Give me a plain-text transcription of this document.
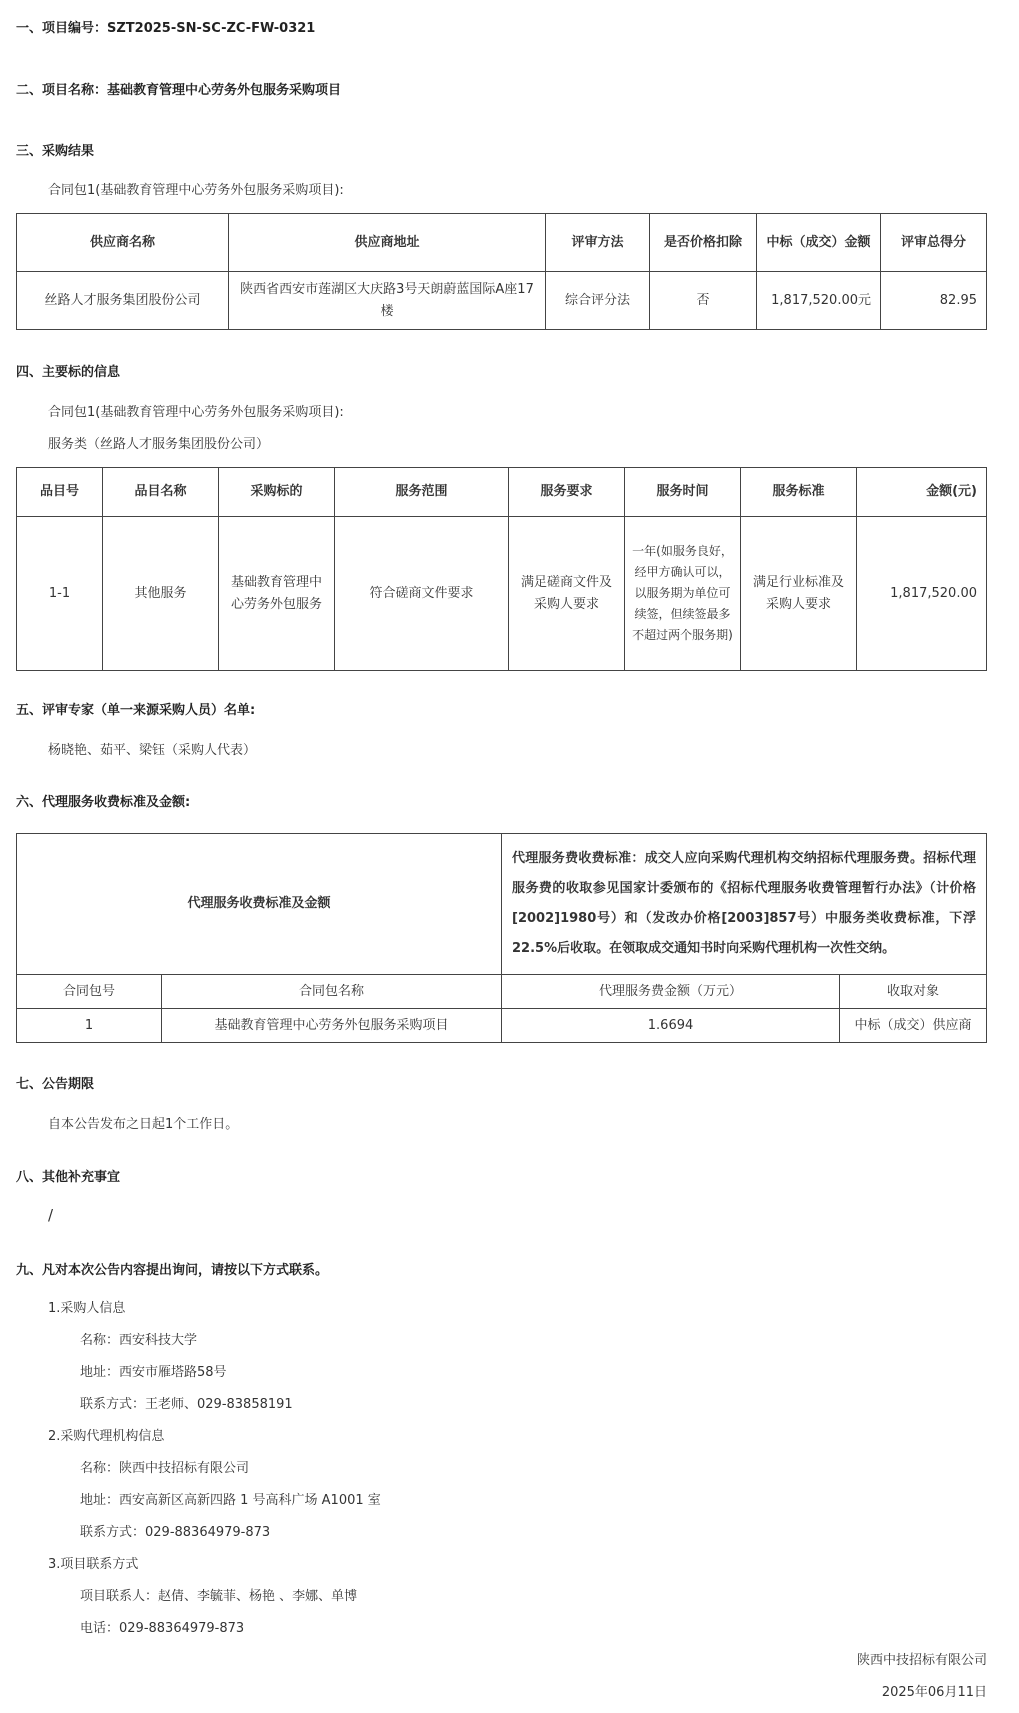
一、项目编号：SZT2025-SN-SC-ZC-FW-0321
二、项目名称：基础教育管理中心劳务外包服务采购项目
三、采购结果
合同包1(基础教育管理中心劳务外包服务采购项目):
供应商名称	供应商地址	评审方法	是否价格扣除	中标（成交）金额	评审总得分
丝路人才服务集团股份公司	陕西省西安市莲湖区大庆路3号天朗蔚蓝国际A座17楼	综合评分法	否	1,817,520.00元	82.95
四、主要标的信息
合同包1(基础教育管理中心劳务外包服务采购项目):
服务类（丝路人才服务集团股份公司）
品目号	品目名称	采购标的	服务范围	服务要求	服务时间	服务标准	金额(元)
1-1	其他服务	基础教育管理中心劳务外包服务	符合磋商文件要求	满足磋商文件及采购人要求	一年(如服务良好，经甲方确认可以，以服务期为单位可续签，但续签最多不超过两个服务期)	满足行业标准及采购人要求	1,817,520.00
五、评审专家（单一来源采购人员）名单:
杨晓艳、茹平、梁钰（采购人代表）
六、代理服务收费标准及金额:
代理服务收费标准及金额		代理服务费收费标准：成交人应向采购代理机构交纳招标代理服务费。招标代理服务费的收取参见国家计委颁布的《招标代理服务收费管理暂行办法》（计价格[2002]1980号）和（发改办价格[2003]857号）中服务类收费标准，下浮22.5%后收取。在领取成交通知书时向采购代理机构一次性交纳。	
合同包号	合同包名称	代理服务费金额（万元）	收取对象
1	基础教育管理中心劳务外包服务采购项目	1.6694	中标（成交）供应商
七、公告期限
自本公告发布之日起1个工作日。
八、其他补充事宜
/
九、凡对本次公告内容提出询问，请按以下方式联系。
1.采购人信息
名称：西安科技大学
地址：西安市雁塔路58号
联系方式：王老师、029-83858191
2.采购代理机构信息
名称：陕西中技招标有限公司
地址：西安高新区高新四路 1 号高科广场 A1001 室
联系方式：029-88364979-873
3.项目联系方式
项目联系人：赵倩、李毓菲、杨艳 、李娜、单博
电话：029-88364979-873
陕西中技招标有限公司
2025年06月11日
